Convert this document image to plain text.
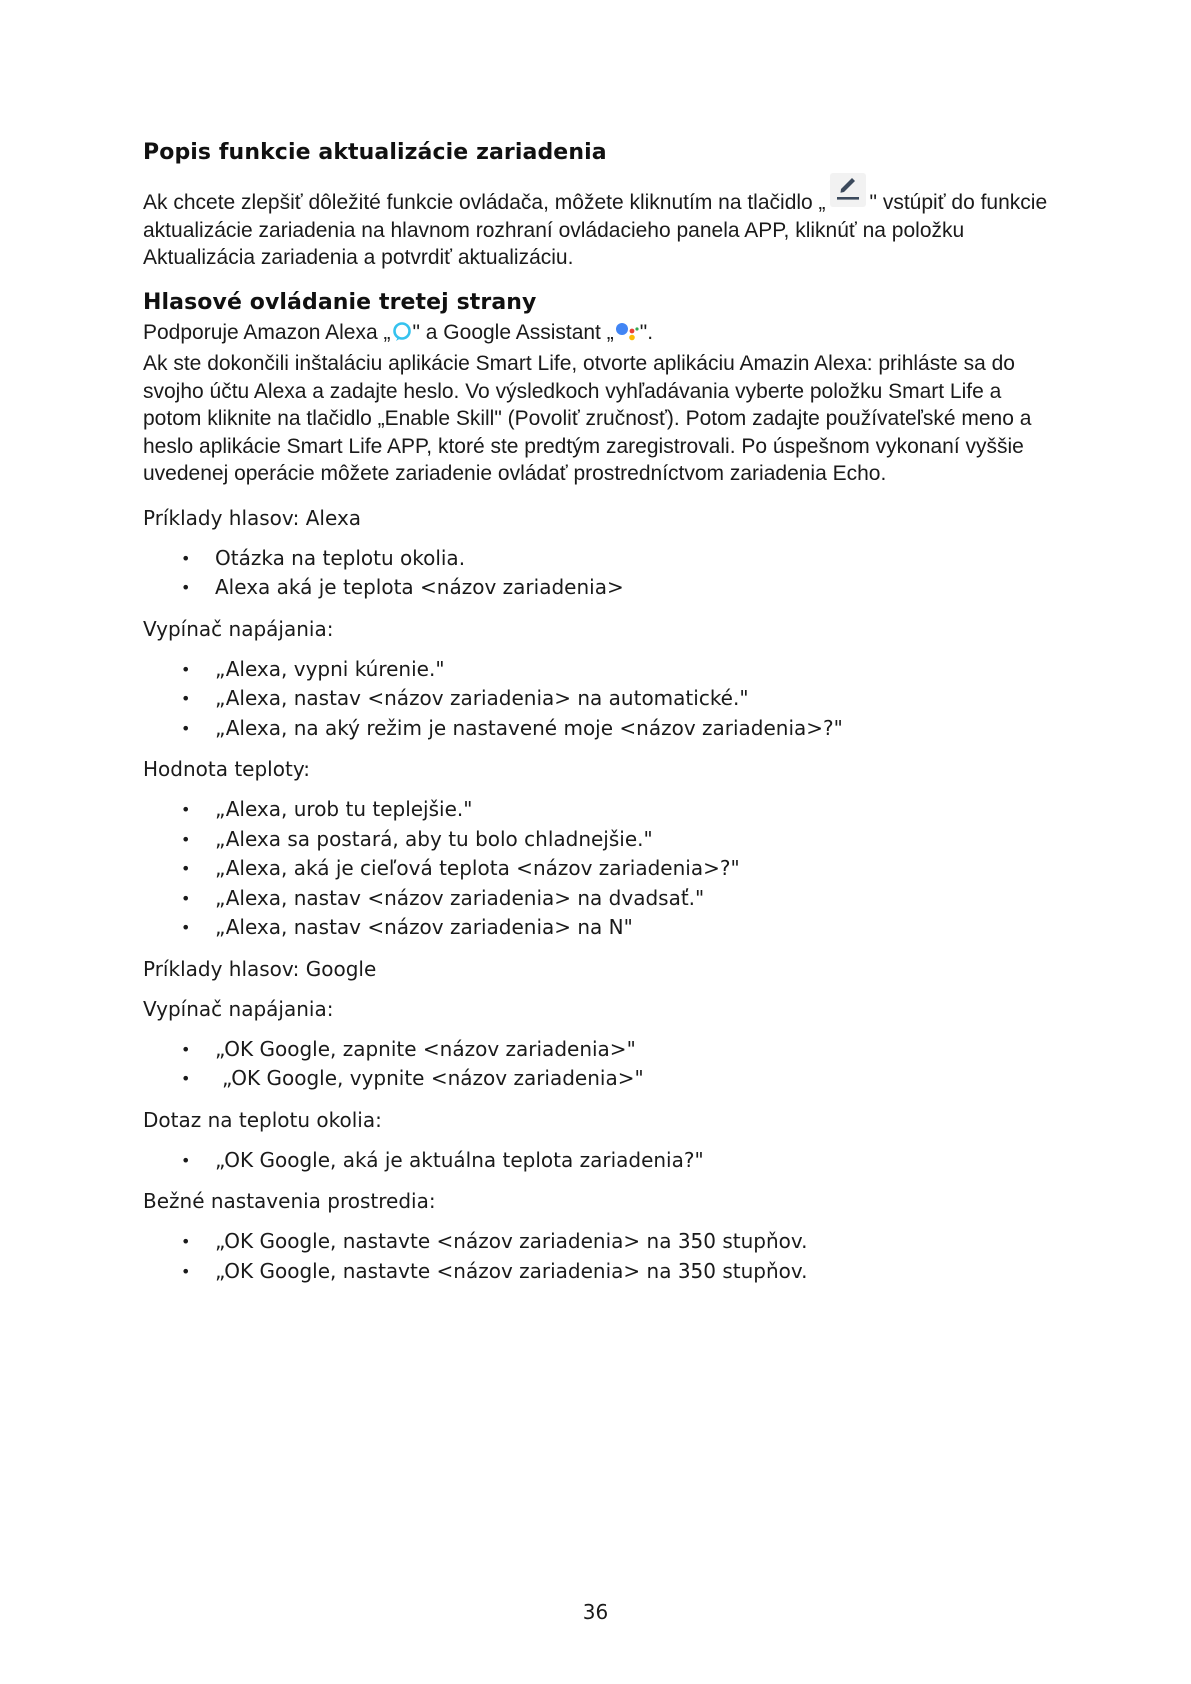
Popis funkcie aktualizácie zariadenia

Ak chcete zlepšiť dôležité funkcie ovládača, môžete kliknutím na tlačidlo „ " vstúpiť do funkcie aktualizácie zariadenia na hlavnom rozhraní ovládacieho panela APP, kliknúť na položku Aktualizácia zariadenia a potvrdiť aktualizáciu.

Hlasové ovládanie tretej strany

Podporuje Amazon Alexa „ " a Google Assistant „ ".

Ak ste dokončili inštaláciu aplikácie Smart Life, otvorte aplikáciu Amazin Alexa: prihláste sa do svojho účtu Alexa a zadajte heslo. Vo výsledkoch vyhľadávania vyberte položku Smart Life a potom kliknite na tlačidlo „Enable Skill" (Povoliť zručnosť). Potom zadajte používateľské meno a heslo aplikácie Smart Life APP, ktoré ste predtým zaregistrovali. Po úspešnom vykonaní vyššie uvedenej operácie môžete zariadenie ovládať prostredníctvom zariadenia Echo.

Príklady hlasov: Alexa

• Otázka na teplotu okolia.
• Alexa aká je teplota <názov zariadenia>

Vypínač napájania:

• „Alexa, vypni kúrenie."
• „Alexa, nastav <názov zariadenia> na automatické."
• „Alexa, na aký režim je nastavené moje <názov zariadenia>?"

Hodnota teploty:

• „Alexa, urob tu teplejšie."
• „Alexa sa postará, aby tu bolo chladnejšie."
• „Alexa, aká je cieľová teplota <názov zariadenia>?"
• „Alexa, nastav <názov zariadenia> na dvadsať."
• „Alexa, nastav <názov zariadenia> na N"

Príklady hlasov: Google

Vypínač napájania:

• „OK Google, zapnite <názov zariadenia>"
• „OK Google, vypnite <názov zariadenia>"

Dotaz na teplotu okolia:

• „OK Google, aká je aktuálna teplota zariadenia?"

Bežné nastavenia prostredia:

• „OK Google, nastavte <názov zariadenia> na 350 stupňov.
• „OK Google, nastavte <názov zariadenia> na 350 stupňov.
36
